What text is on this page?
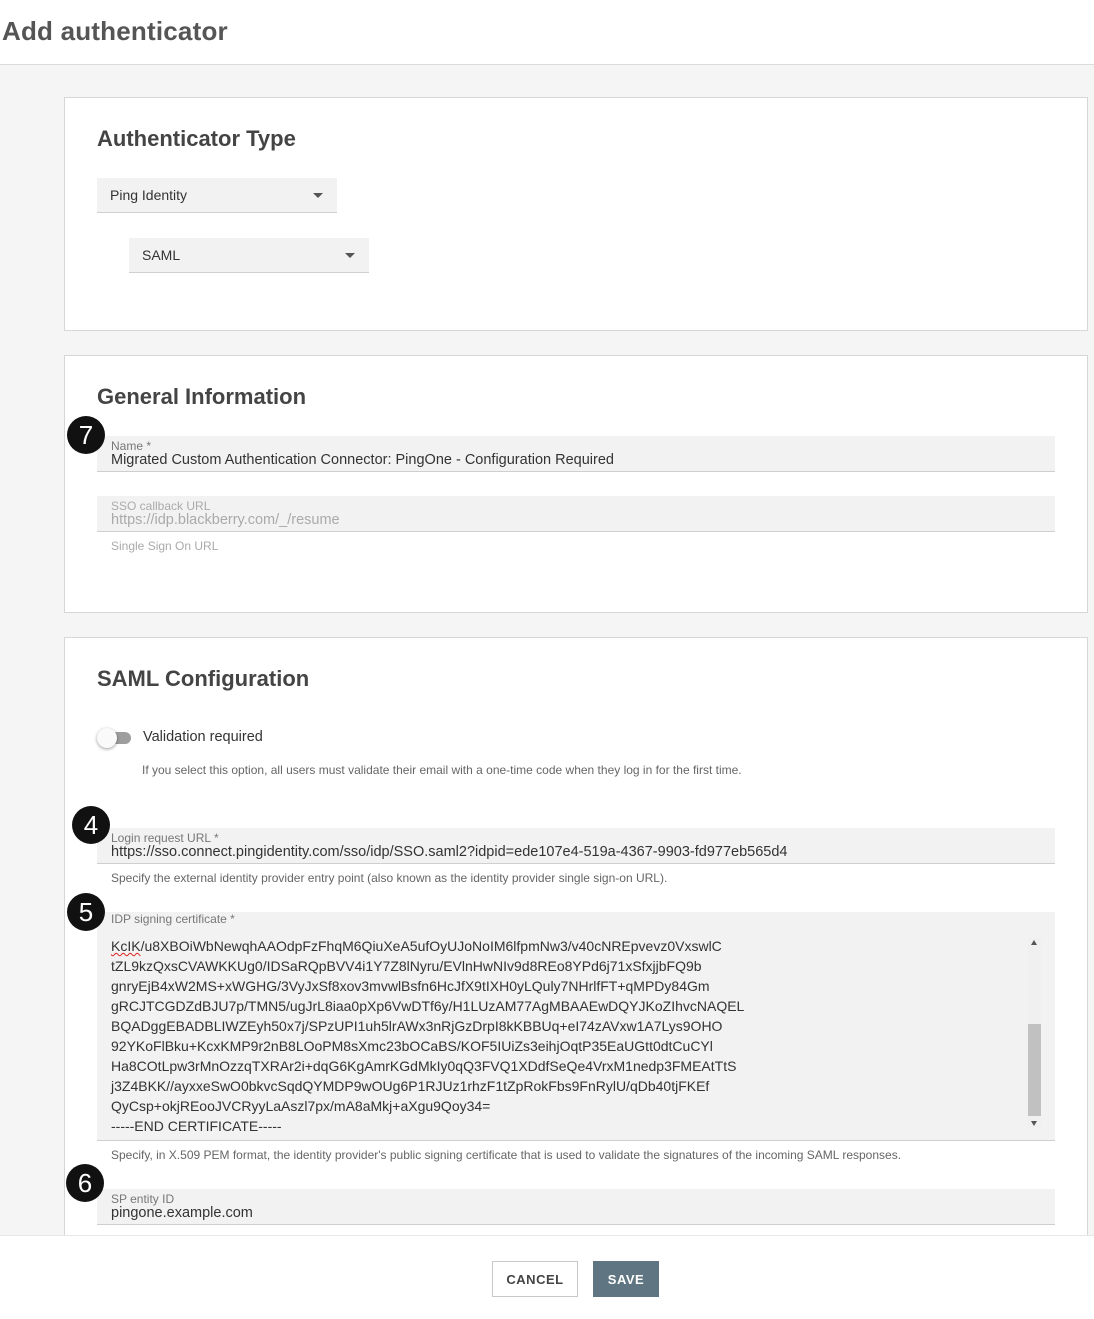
Add authenticator
Authenticator Type
Ping Identity
SAML
General Information
Name *
Migrated Custom Authentication Connector: PingOne - Configuration Required
SSO callback URL
https://idp.blackberry.com/_/resume
Single Sign On URL
SAML Configuration
Validation required
If you select this option, all users must validate their email with a one-time code when they log in for the first time.
Login request URL *
https://sso.connect.pingidentity.com/sso/idp/SSO.saml2?idpid=ede107e4-519a-4367-9903-fd977eb565d4
Specify the external identity provider entry point (also known as the identity provider single sign-on URL).
IDP signing certificate *
KcIK/u8XBOiWbNewqhAAOdpFzFhqM6QiuXeA5ufOyUJoNoIM6lfpmNw3/v40cNREpvevz0VxswlC
tZL9kzQxsCVAWKKUg0/IDSaRQpBVV4i1Y7Z8lNyru/EVlnHwNIv9d8REo8YPd6j71xSfxjjbFQ9b
gnryEjB4xW2MS+xWGHG/3VyJxSf8xov3mvwlBsfn6HcJfX9tIXH0yLQuly7NHrlfFT+qMPDy84Gm
gRCJTCGDZdBJU7p/TMN5/ugJrL8iaa0pXp6VwDTf6y/H1LUzAM77AgMBAAEwDQYJKoZIhvcNAQEL
BQADggEBADBLIWZEyh50x7j/SPzUPI1uh5lrAWx3nRjGzDrpI8kKBBUq+eI74zAVxw1A7Lys9OHO
92YKoFlBku+KcxKMP9r2nB8LOoPM8sXmc23bOCaBS/KOF5IUiZs3eihjOqtP35EaUGtt0dtCuCYl
Ha8COtLpw3rMnOzzqTXRAr2i+dqG6KgAmrKGdMkIy0qQ3FVQ1XDdfSeQe4VrxM1nedp3FMEAtTtS
j3Z4BKK//ayxxeSwO0bkvcSqdQYMDP9wOUg6P1RJUz1rhzF1tZpRokFbs9FnRylU/qDb40tjFKEf
QyCsp+okjREooJVCRyyLaAszl7px/mA8aMkj+aXgu9Qoy34=
-----END CERTIFICATE-----
Specify, in X.509 PEM format, the identity provider's public signing certificate that is used to validate the signatures of the incoming SAML responses.
SP entity ID
pingone.example.com
7
4
5
6
CANCEL	SAVE
